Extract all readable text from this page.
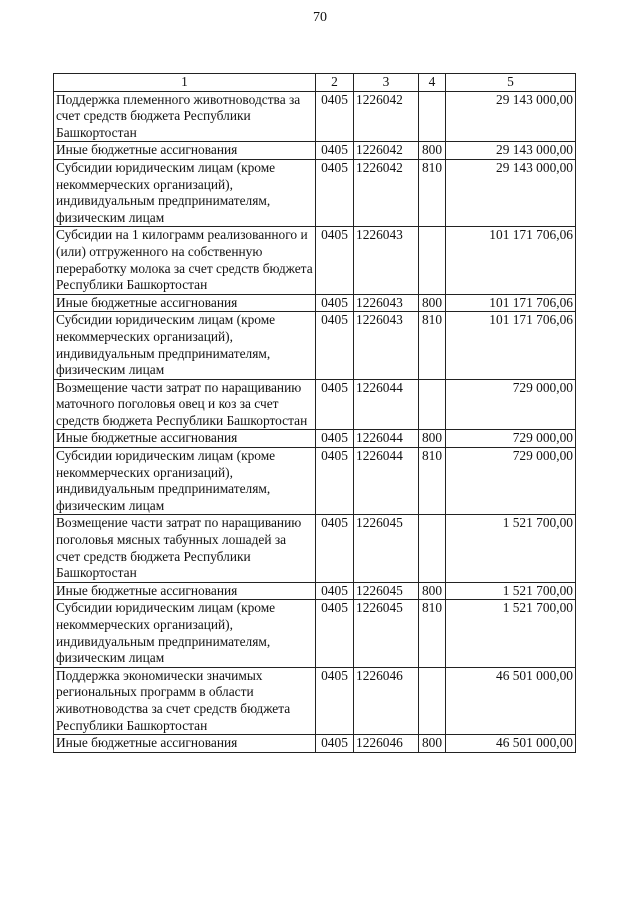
70
1	2	3	4	5
Поддержка племенного животноводства за счет средств бюджета Республики Башкортостан	0405	1226042		29 143 000,00
Иные бюджетные ассигнования	0405	1226042	800	29 143 000,00
Субсидии юридическим лицам (кроме некоммерческих организаций), индивидуальным предпринимателям, физическим лицам	0405	1226042	810	29 143 000,00
Субсидии на 1 килограмм реализованного и (или) отгруженного на собственную переработку молока за счет средств бюджета Республики Башкортостан	0405	1226043		101 171 706,06
Иные бюджетные ассигнования	0405	1226043	800	101 171 706,06
Субсидии юридическим лицам (кроме некоммерческих организаций), индивидуальным предпринимателям, физическим лицам	0405	1226043	810	101 171 706,06
Возмещение части затрат по наращиванию маточного поголовья овец и коз за счет средств бюджета Республики Башкортостан	0405	1226044		729 000,00
Иные бюджетные ассигнования	0405	1226044	800	729 000,00
Субсидии юридическим лицам (кроме некоммерческих организаций), индивидуальным предпринимателям, физическим лицам	0405	1226044	810	729 000,00
Возмещение части затрат по наращиванию поголовья мясных табунных лошадей за счет средств бюджета Республики Башкортостан	0405	1226045		1 521 700,00
Иные бюджетные ассигнования	0405	1226045	800	1 521 700,00
Субсидии юридическим лицам (кроме некоммерческих организаций), индивидуальным предпринимателям, физическим лицам	0405	1226045	810	1 521 700,00
Поддержка экономически значимых региональных программ в области животноводства за счет средств бюджета Республики Башкортостан	0405	1226046		46 501 000,00
Иные бюджетные ассигнования	0405	1226046	800	46 501 000,00
